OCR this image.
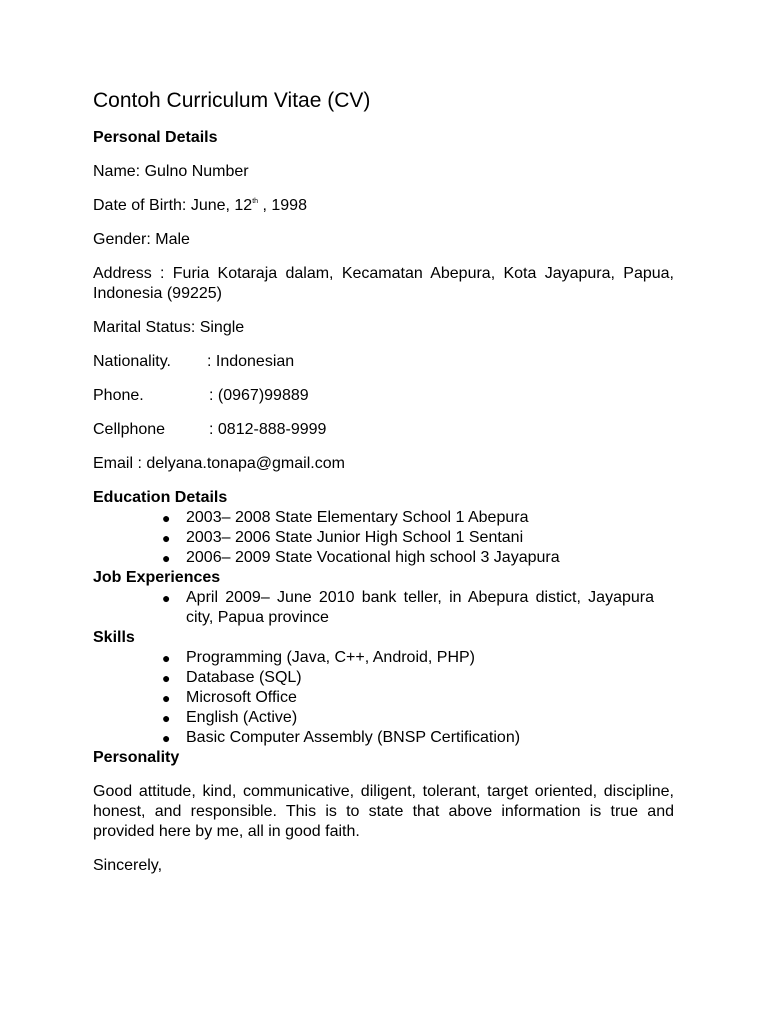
Contoh Curriculum Vitae (CV)
Personal Details
Name: Gulno Number
Date of Birth: June, 12th , 1998
Gender: Male
Address : Furia Kotaraja dalam, Kecamatan Abepura, Kota Jayapura, Papua, Indonesia (99225)
Marital Status: Single
Nationality.	: Indonesian
Phone.	: (0967)99889
Cellphone	: 0812-888-9999
Email : delyana.tonapa@gmail.com
Education Details
● 2003– 2008 State Elementary School 1 Abepura
● 2003– 2006 State Junior High School 1 Sentani
● 2006– 2009 State Vocational high school 3 Jayapura
Job Experiences
● April 2009– June 2010 bank teller, in Abepura distict, Jayapura city, Papua province
Skills
● Programming (Java, C++, Android, PHP)
● Database (SQL)
● Microsoft Office
● English (Active)
● Basic Computer Assembly (BNSP Certification)
Personality
Good attitude, kind, communicative, diligent, tolerant, target oriented, discipline, honest, and responsible. This is to state that above information is true and provided here by me, all in good faith.
Sincerely,
